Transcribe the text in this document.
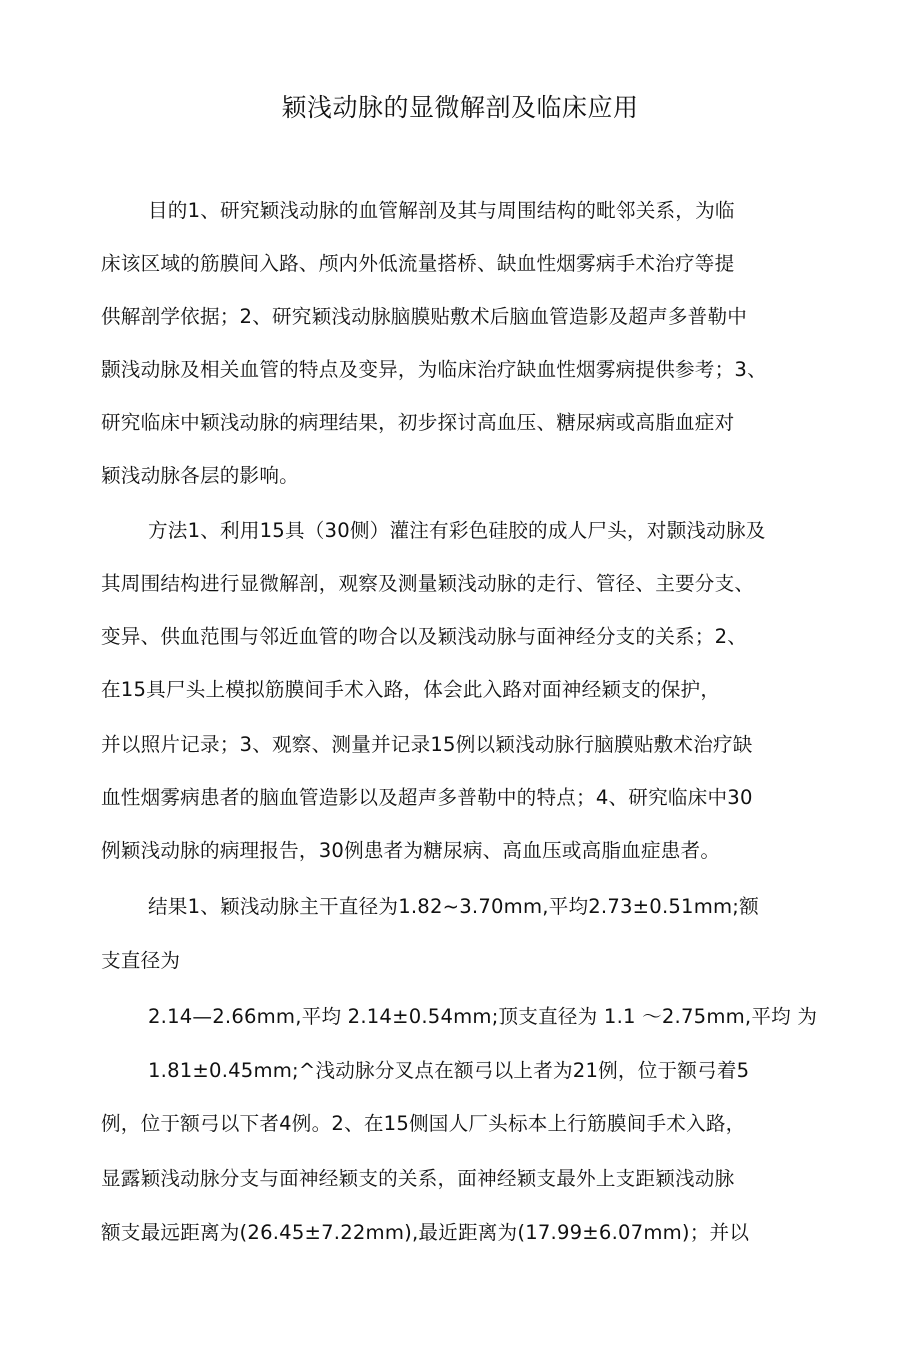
颖浅动脉的显微解剖及临床应用
目的1、研究颖浅动脉的血管解剖及其与周围结构的毗邻关系，为临
床该区域的筋膜间入路、颅内外低流量搭桥、缺血性烟雾病手术治疗等提
供解剖学依据；2、研究颖浅动脉脑膜贴敷术后脑血管造影及超声多普勒中
颢浅动脉及相关血管的特点及变异，为临床治疗缺血性烟雾病提供参考；3、
研究临床中颖浅动脉的病理结果，初步探讨高血压、糖尿病或高脂血症对
颖浅动脉各层的影响。
方法1、利用15具（30侧）灌注有彩色硅胶的成人尸头，对颢浅动脉及
其周围结构进行显微解剖，观察及测量颖浅动脉的走行、管径、主要分支、
变异、供血范围与邻近血管的吻合以及颖浅动脉与面神经分支的关系；2、
在15具尸头上模拟筋膜间手术入路，体会此入路对面神经颖支的保护，
并以照片记录；3、观察、测量并记录15例以颖浅动脉行脑膜贴敷术治疗缺
血性烟雾病患者的脑血管造影以及超声多普勒中的特点；4、研究临床中30
例颖浅动脉的病理报告，30例患者为糖尿病、高血压或高脂血症患者。
结果1、颖浅动脉主干直径为1.82~3.70mm,平均2.73±0.51mm;额
支直径为
2.14—2.66mm,平均 2.14±0.54mm;顶支直径为 1.1 ～2.75mm,平均 为
1.81±0.45mm;^浅动脉分叉点在额弓以上者为21例，位于额弓着5
例，位于额弓以下者4例。2、在15侧国人厂头标本上行筋膜间手术入路，
显露颖浅动脉分支与面神经颖支的关系，面神经颖支最外上支距颖浅动脉
额支最远距离为(26.45±7.22mm),最近距离为(17.99±6.07mm)；并以
